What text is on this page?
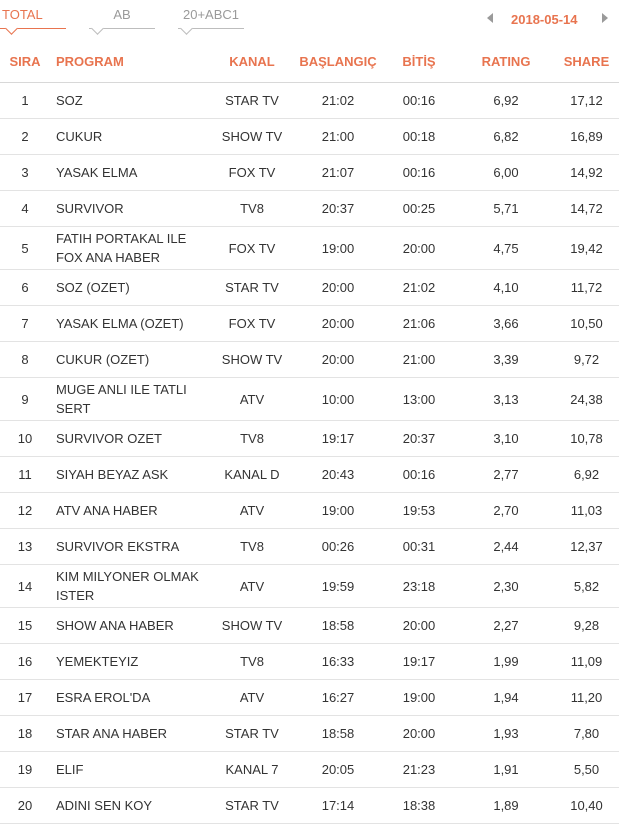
TOTAL	AB	20+ABC1	2018-05-14
SIRA	PROGRAM	KANAL	BAŞLANGIÇ	BİTİŞ	RATING	SHARE
1	SOZ	STAR TV	21:02	00:16	6,92	17,12
2	CUKUR	SHOW TV	21:00	00:18	6,82	16,89
3	YASAK ELMA	FOX TV	21:07	00:16	6,00	14,92
4	SURVIVOR	TV8	20:37	00:25	5,71	14,72
5	FATIH PORTAKAL ILE FOX ANA HABER	FOX TV	19:00	20:00	4,75	19,42
6	SOZ (OZET)	STAR TV	20:00	21:02	4,10	11,72
7	YASAK ELMA (OZET)	FOX TV	20:00	21:06	3,66	10,50
8	CUKUR (OZET)	SHOW TV	20:00	21:00	3,39	9,72
9	MUGE ANLI ILE TATLI SERT	ATV	10:00	13:00	3,13	24,38
10	SURVIVOR OZET	TV8	19:17	20:37	3,10	10,78
11	SIYAH BEYAZ ASK	KANAL D	20:43	00:16	2,77	6,92
12	ATV ANA HABER	ATV	19:00	19:53	2,70	11,03
13	SURVIVOR EKSTRA	TV8	00:26	00:31	2,44	12,37
14	KIM MILYONER OLMAK ISTER	ATV	19:59	23:18	2,30	5,82
15	SHOW ANA HABER	SHOW TV	18:58	20:00	2,27	9,28
16	YEMEKTEYIZ	TV8	16:33	19:17	1,99	11,09
17	ESRA EROL'DA	ATV	16:27	19:00	1,94	11,20
18	STAR ANA HABER	STAR TV	18:58	20:00	1,93	7,80
19	ELIF	KANAL 7	20:05	21:23	1,91	5,50
20	ADINI SEN KOY	STAR TV	17:14	18:38	1,89	10,40
